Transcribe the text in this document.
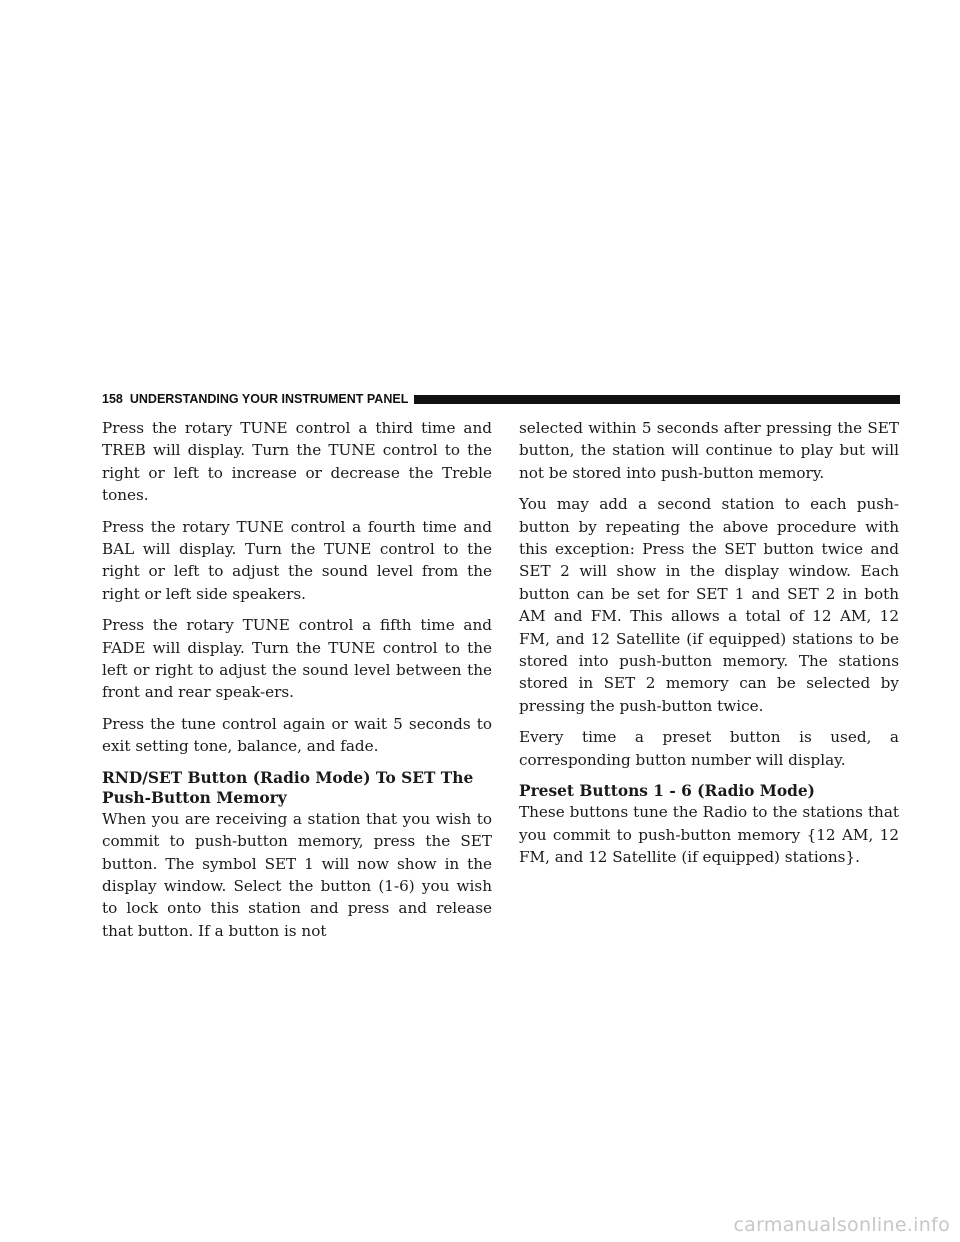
158 UNDERSTANDING YOUR INSTRUMENT PANEL

Press the rotary TUNE control a third time and TREB will display. Turn the TUNE control to the right or left to increase or decrease the Treble tones.

Press the rotary TUNE control a fourth time and BAL will display. Turn the TUNE control to the right or left to adjust the sound level from the right or left side speakers.

Press the rotary TUNE control a fifth time and FADE will display. Turn the TUNE control to the left or right to adjust the sound level between the front and rear speak-ers.

Press the tune control again or wait 5 seconds to exit setting tone, balance, and fade.

RND/SET Button (Radio Mode) To SET The Push-Button Memory

When you are receiving a station that you wish to commit to push-button memory, press the SET button. The symbol SET 1 will now show in the display window. Select the button (1-6) you wish to lock onto this station and press and release that button. If a button is not

selected within 5 seconds after pressing the SET button, the station will continue to play but will not be stored into push-button memory.

You may add a second station to each push-button by repeating the above procedure with this exception: Press the SET button twice and SET 2 will show in the display window. Each button can be set for SET 1 and SET 2 in both AM and FM. This allows a total of 12 AM, 12 FM, and 12 Satellite (if equipped) stations to be stored into push-button memory. The stations stored in SET 2 memory can be selected by pressing the push-button twice.

Every time a preset button is used, a corresponding button number will display.

Preset Buttons 1 - 6 (Radio Mode)

These buttons tune the Radio to the stations that you commit to push-button memory {12 AM, 12 FM, and 12 Satellite (if equipped) stations}.

carmanualsonline.info
